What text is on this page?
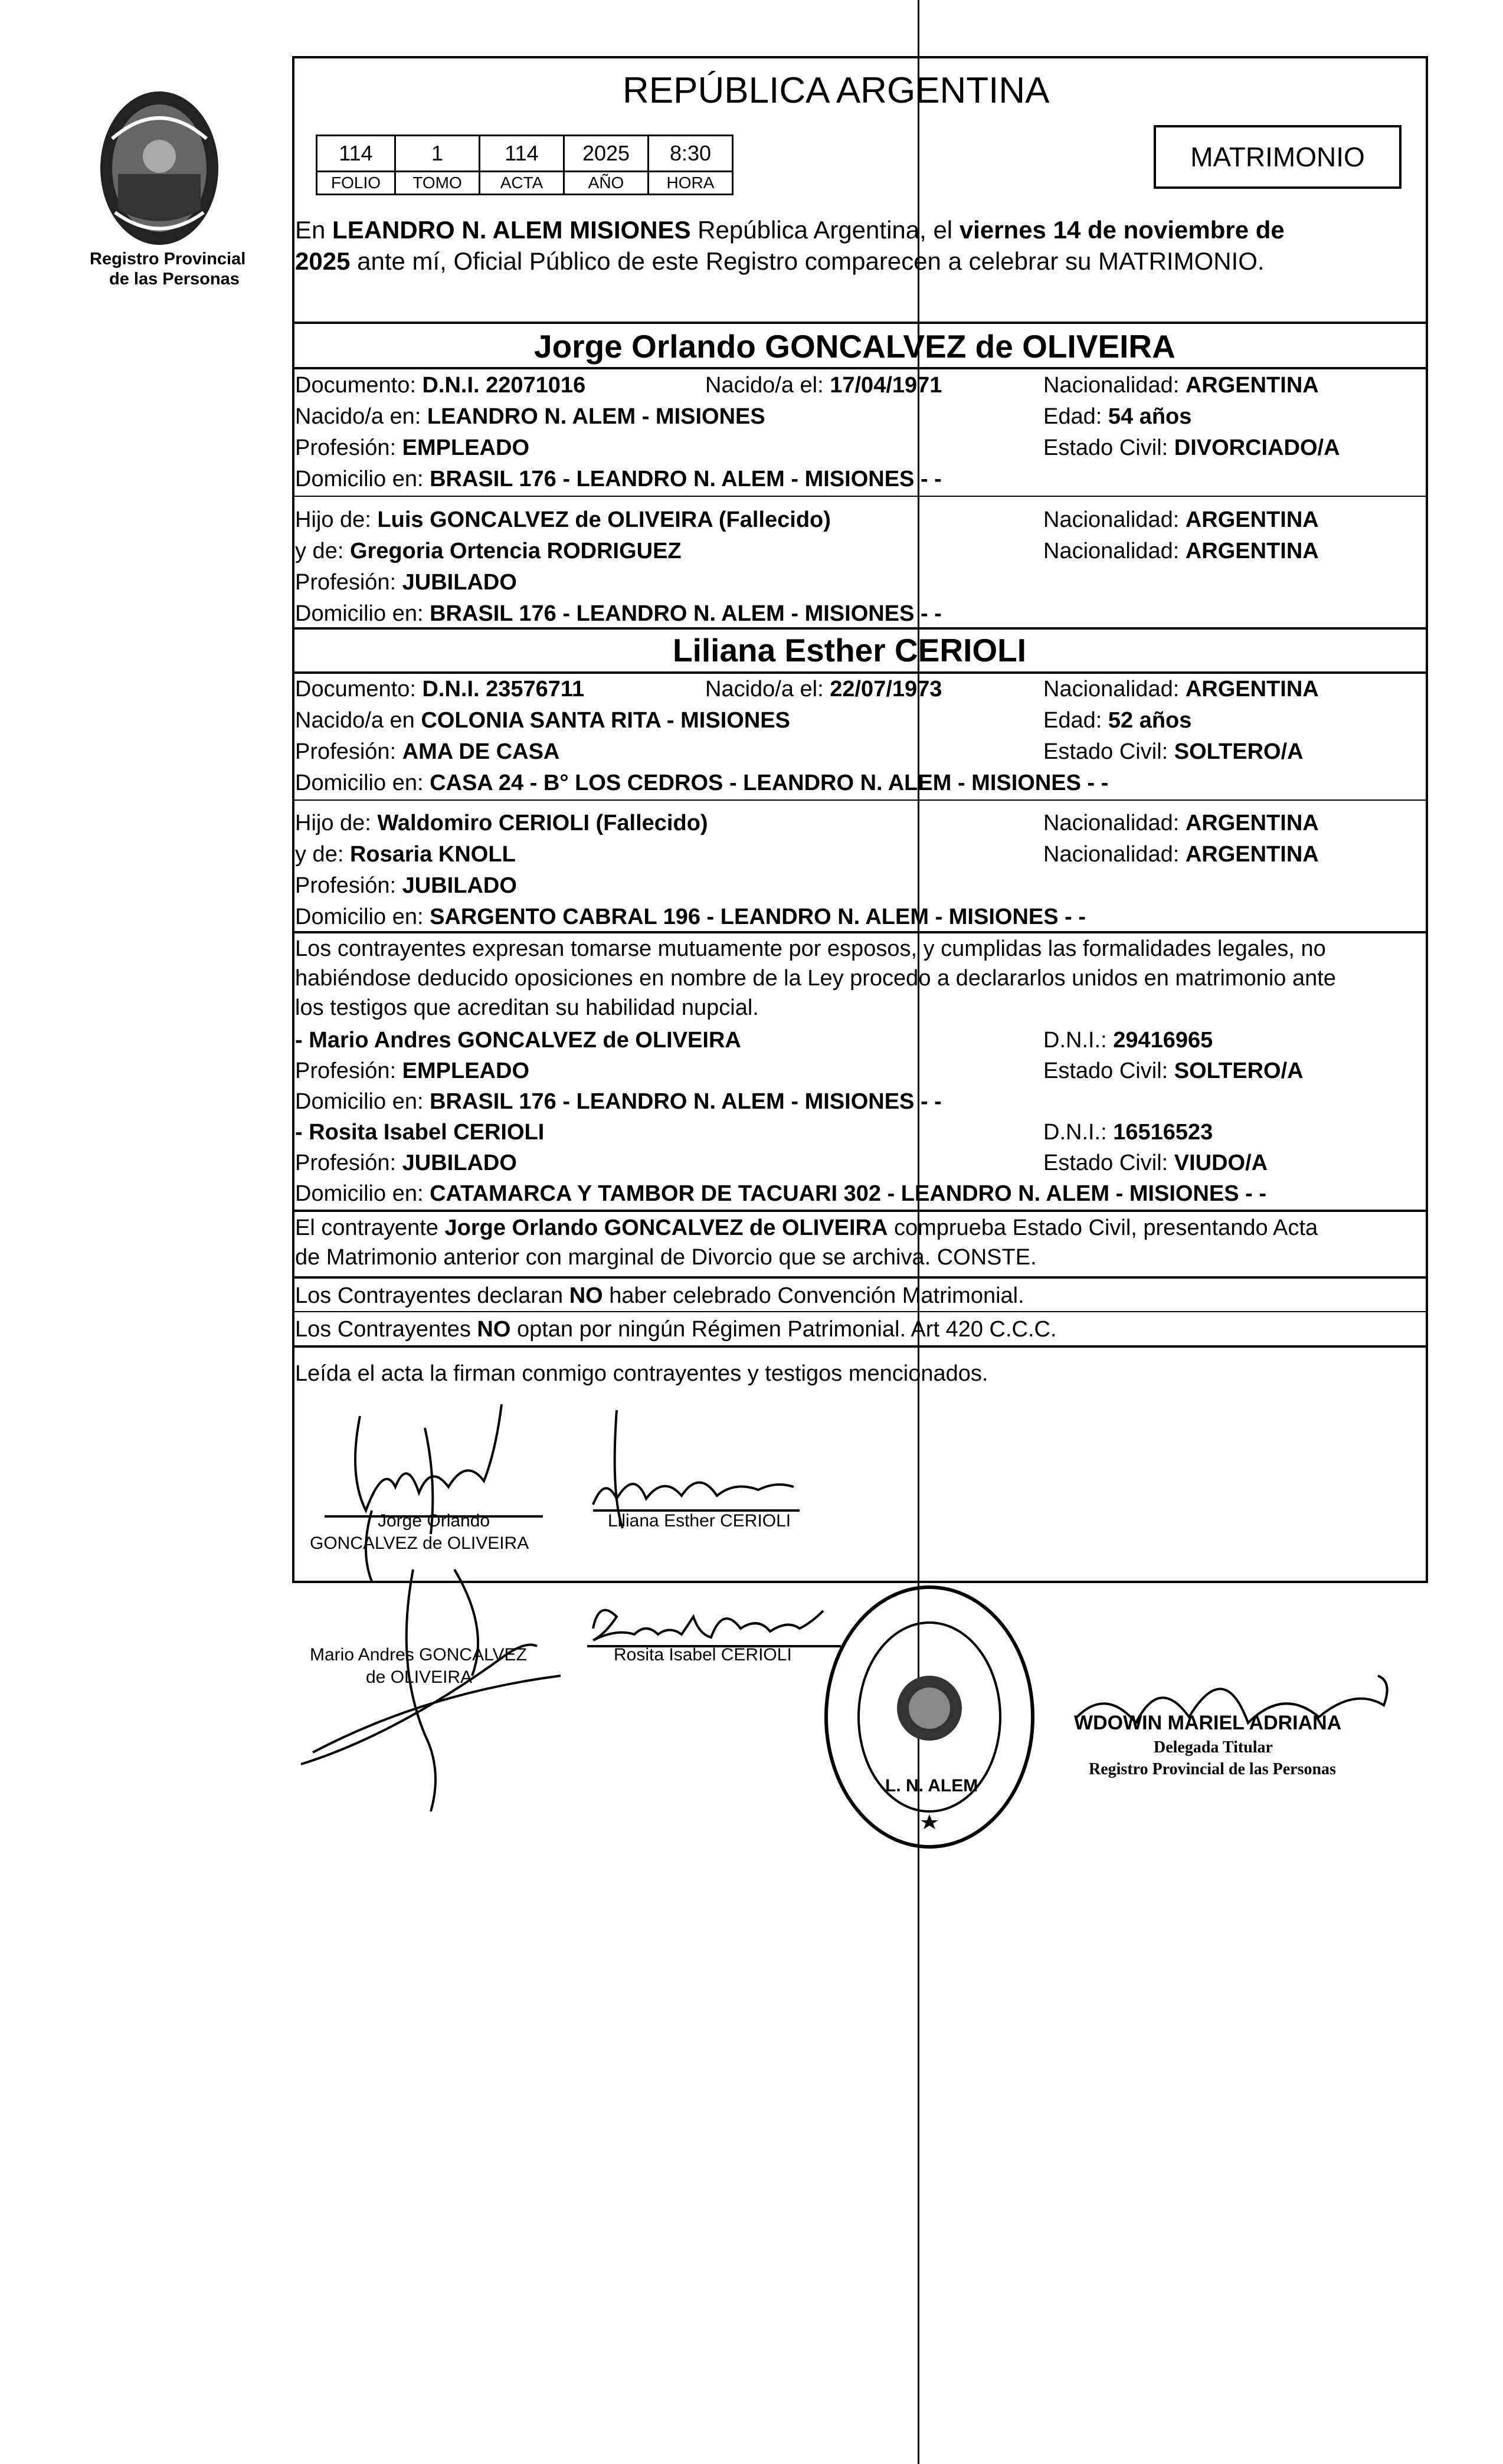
Registro Provincial
de las Personas
REPÚBLICA ARGENTINA
114	1	114	2025	8:30
FOLIO	TOMO	ACTA	AÑO	HORA
MATRIMONIO
En LEANDRO N. ALEM MISIONES República Argentina, el viernes 14 de noviembre de
2025 ante mí, Oficial Público de este Registro comparecen a celebrar su MATRIMONIO.
Jorge Orlando GONCALVEZ de OLIVEIRA
Documento: D.N.I. 22071016	Nacido/a el: 17/04/1971	Nacionalidad: ARGENTINA
Nacido/a en: LEANDRO N. ALEM - MISIONES	Edad: 54 años
Profesión: EMPLEADO	Estado Civil: DIVORCIADO/A
Domicilio en: BRASIL 176 - LEANDRO N. ALEM - MISIONES - -
Hijo de: Luis GONCALVEZ de OLIVEIRA (Fallecido)	Nacionalidad: ARGENTINA
y de: Gregoria Ortencia RODRIGUEZ	Nacionalidad: ARGENTINA
Profesión: JUBILADO
Domicilio en: BRASIL 176 - LEANDRO N. ALEM - MISIONES - -
Liliana Esther CERIOLI
Documento: D.N.I. 23576711	Nacido/a el: 22/07/1973	Nacionalidad: ARGENTINA
Nacido/a en COLONIA SANTA RITA - MISIONES	Edad: 52 años
Profesión: AMA DE CASA	Estado Civil: SOLTERO/A
Domicilio en: CASA 24 - B° LOS CEDROS - LEANDRO N. ALEM - MISIONES - -
Hijo de: Waldomiro CERIOLI (Fallecido)	Nacionalidad: ARGENTINA
y de: Rosaria KNOLL	Nacionalidad: ARGENTINA
Profesión: JUBILADO
Domicilio en: SARGENTO CABRAL 196 - LEANDRO N. ALEM - MISIONES - -
Los contrayentes expresan tomarse mutuamente por esposos, y cumplidas las formalidades legales, no
habiéndose deducido oposiciones en nombre de la Ley procedo a declararlos unidos en matrimonio ante
los testigos que acreditan su habilidad nupcial.
- Mario Andres GONCALVEZ de OLIVEIRA	D.N.I.: 29416965
Profesión: EMPLEADO	Estado Civil: SOLTERO/A
Domicilio en: BRASIL 176 - LEANDRO N. ALEM - MISIONES - -
- Rosita Isabel CERIOLI	D.N.I.: 16516523
Profesión: JUBILADO	Estado Civil: VIUDO/A
Domicilio en: CATAMARCA Y TAMBOR DE TACUARI 302 - LEANDRO N. ALEM - MISIONES - -
El contrayente Jorge Orlando GONCALVEZ de OLIVEIRA comprueba Estado Civil, presentando Acta
de Matrimonio anterior con marginal de Divorcio que se archiva. CONSTE.
Los Contrayentes declaran NO haber celebrado Convención Matrimonial.
Los Contrayentes NO optan por ningún Régimen Patrimonial. Art 420 C.C.C.
Leída el acta la firman conmigo contrayentes y testigos mencionados.
Jorge Orlando
GONCALVEZ de OLIVEIRA
Liliana Esther CERIOLI
Mario Andres GONCALVEZ
de OLIVEIRA
Rosita Isabel CERIOLI
L. N. ALEM
WDOWIN MARIEL ADRIANA
Delegada Titular
Registro Provincial de las Personas
